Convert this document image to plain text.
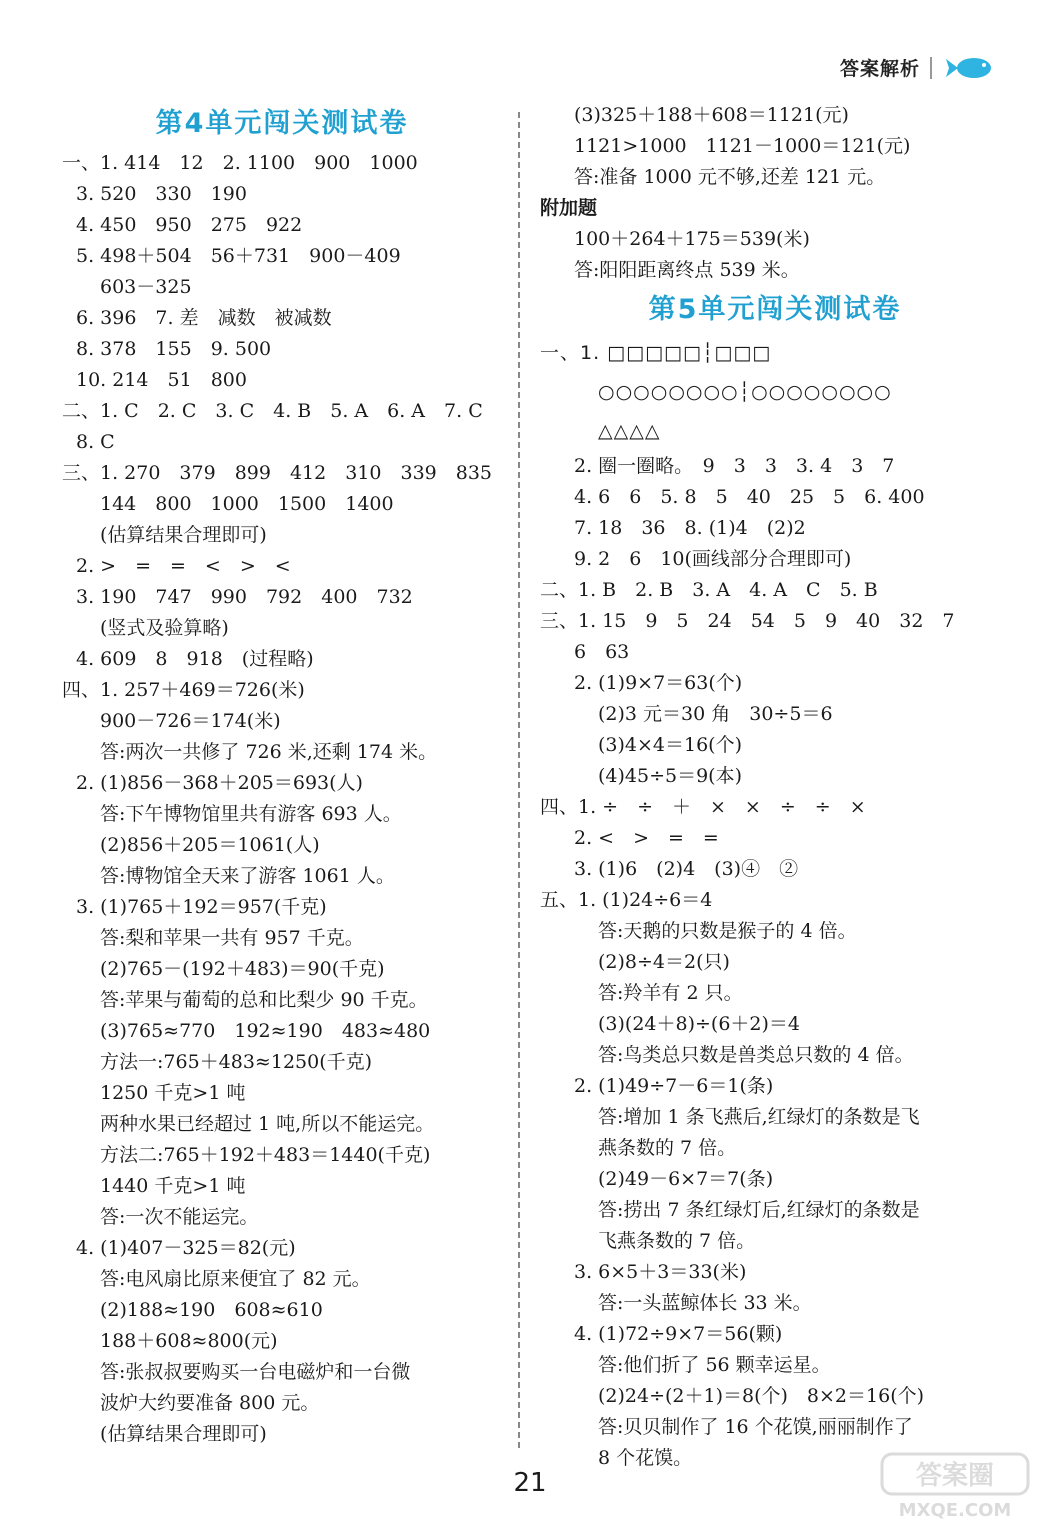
答案解析
第4单元闯关测试卷
一、1. 414　12　2. 1100　900　1000
3. 520　330　190
4. 450　950　275　922
5. 498＋504　56＋731　900－409
603－325
6. 396　7. 差　减数　被减数
8. 378　155　9. 500
10. 214　51　800
二、1. C　2. C　3. C　4. B　5. A　6. A　7. C
8. C
三、1. 270　379　899　412　310　339　835
144　800　1000　1500　1400
(估算结果合理即可)
2. >　=　=　<　>　<
3. 190　747　990　792　400　732
(竖式及验算略)
4. 609　8　918　(过程略)
四、1. 257＋469＝726(米)
900－726＝174(米)
答:两次一共修了 726 米,还剩 174 米。
2. (1)856－368＋205＝693(人)
答:下午博物馆里共有游客 693 人。
(2)856＋205＝1061(人)
答:博物馆全天来了游客 1061 人。
3. (1)765＋192＝957(千克)
答:梨和苹果一共有 957 千克。
(2)765－(192＋483)＝90(千克)
答:苹果与葡萄的总和比梨少 90 千克。
(3)765≈770　192≈190　483≈480
方法一:765＋483≈1250(千克)
1250 千克>1 吨
两种水果已经超过 1 吨,所以不能运完。
方法二:765＋192＋483＝1440(千克)
1440 千克>1 吨
答:一次不能运完。
4. (1)407－325＝82(元)
答:电风扇比原来便宜了 82 元。
(2)188≈190　608≈610
188＋608≈800(元)
答:张叔叔要购买一台电磁炉和一台微
波炉大约要准备 800 元。
(估算结果合理即可)
(3)325＋188＋608＝1121(元)
1121>1000　1121－1000＝121(元)
答:准备 1000 元不够,还差 121 元。
附加题
100＋264＋175＝539(米)
答:阳阳距离终点 539 米。
第5单元闯关测试卷
一、1. □□□□□┆□□□
○○○○○○○○┆○○○○○○○○
△△△△
2. 圈一圈略。　9　3　3　3. 4　3　7
4. 6　6　5. 8　5　40　25　5　6. 400
7. 18　36　8. (1)4　(2)2
9. 2　6　10(画线部分合理即可)
二、1. B　2. B　3. A　4. A　C　5. B
三、1. 15　9　5　24　54　5　9　40　32　7
6　63
2. (1)9×7＝63(个)
(2)3 元＝30 角　30÷5＝6
(3)4×4＝16(个)
(4)45÷5＝9(本)
四、1. ÷　÷　＋　×　×　÷　÷　×
2. <　>　=　=
3. (1)6　(2)4　(3)④　②
五、1. (1)24÷6＝4
答:天鹅的只数是猴子的 4 倍。
(2)8÷4＝2(只)
答:羚羊有 2 只。
(3)(24＋8)÷(6＋2)＝4
答:鸟类总只数是兽类总只数的 4 倍。
2. (1)49÷7－6＝1(条)
答:增加 1 条飞燕后,红绿灯的条数是飞
燕条数的 7 倍。
(2)49－6×7＝7(条)
答:捞出 7 条红绿灯后,红绿灯的条数是
飞燕条数的 7 倍。
3. 6×5＋3＝33(米)
答:一头蓝鲸体长 33 米。
4. (1)72÷9×7＝56(颗)
答:他们折了 56 颗幸运星。
(2)24÷(2＋1)＝8(个)　8×2＝16(个)
答:贝贝制作了 16 个花馍,丽丽制作了
8 个花馍。
21	答案圈
MXQE.COM
